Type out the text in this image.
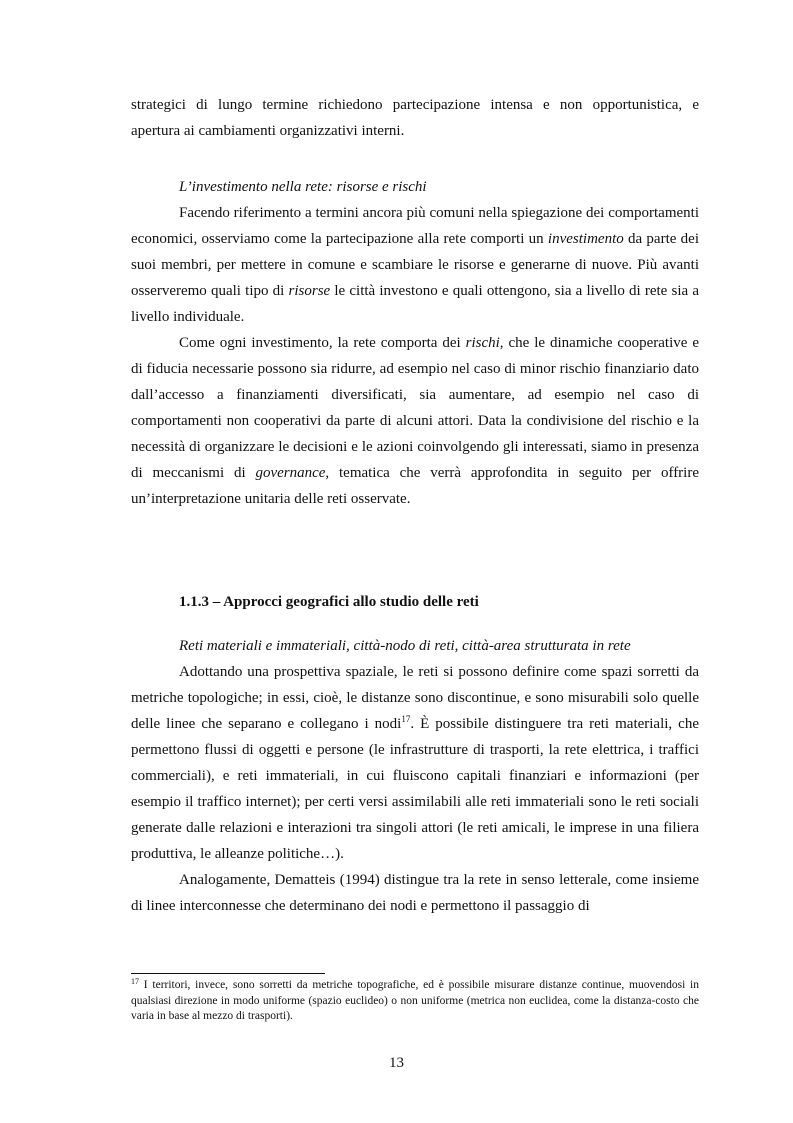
strategici di lungo termine richiedono partecipazione intensa e non opportunistica, e

apertura ai cambiamenti organizzativi interni.

L’investimento nella rete: risorse e rischi

Facendo riferimento a termini ancora più comuni nella spiegazione dei comportamenti economici, osserviamo come la partecipazione alla rete comporti un investimento da parte dei suoi membri, per mettere in comune e scambiare le risorse e generarne di nuove. Più avanti osserveremo quali tipo di risorse le città investono e quali ottengono, sia a livello di rete sia a livello individuale.

Come ogni investimento, la rete comporta dei rischi, che le dinamiche cooperative e di fiducia necessarie possono sia ridurre, ad esempio nel caso di minor rischio finanziario dato dall’accesso a finanziamenti diversificati, sia aumentare, ad esempio nel caso di comportamenti non cooperativi da parte di alcuni attori. Data la condivisione del rischio e la necessità di organizzare le decisioni e le azioni coinvolgendo gli interessati, siamo in presenza di meccanismi di governance, tematica che verrà approfondita in seguito per offrire un’interpretazione unitaria delle reti osservate.

1.1.3 – Approcci geografici allo studio delle reti

Reti materiali e immateriali, città-nodo di reti, città-area strutturata in rete

Adottando una prospettiva spaziale, le reti si possono definire come spazi sorretti da metriche topologiche; in essi, cioè, le distanze sono discontinue, e sono misurabili solo quelle delle linee che separano e collegano i nodi$^{17}$. È possibile distinguere tra reti materiali, che permettono flussi di oggetti e persone (le infrastrutture di trasporti, la rete elettrica, i traffici commerciali), e reti immateriali, in cui fluiscono capitali finanziari e informazioni (per esempio il traffico internet); per certi versi assimilabili alle reti immateriali sono le reti sociali generate dalle relazioni e interazioni tra singoli attori (le reti amicali, le imprese in una filiera produttiva, le alleanze politiche…).

Analogamente, Dematteis (1994) distingue tra la rete in senso letterale, come insieme di linee interconnesse che determinano dei nodi e permettono il passaggio di

$^{17}$ I territori, invece, sono sorretti da metriche topografiche, ed è possibile misurare distanze continue, muovendosi in qualsiasi direzione in modo uniforme (spazio euclideo) o non uniforme (metrica non euclidea, come la distanza-costo che varia in base al mezzo di trasporti).
13
